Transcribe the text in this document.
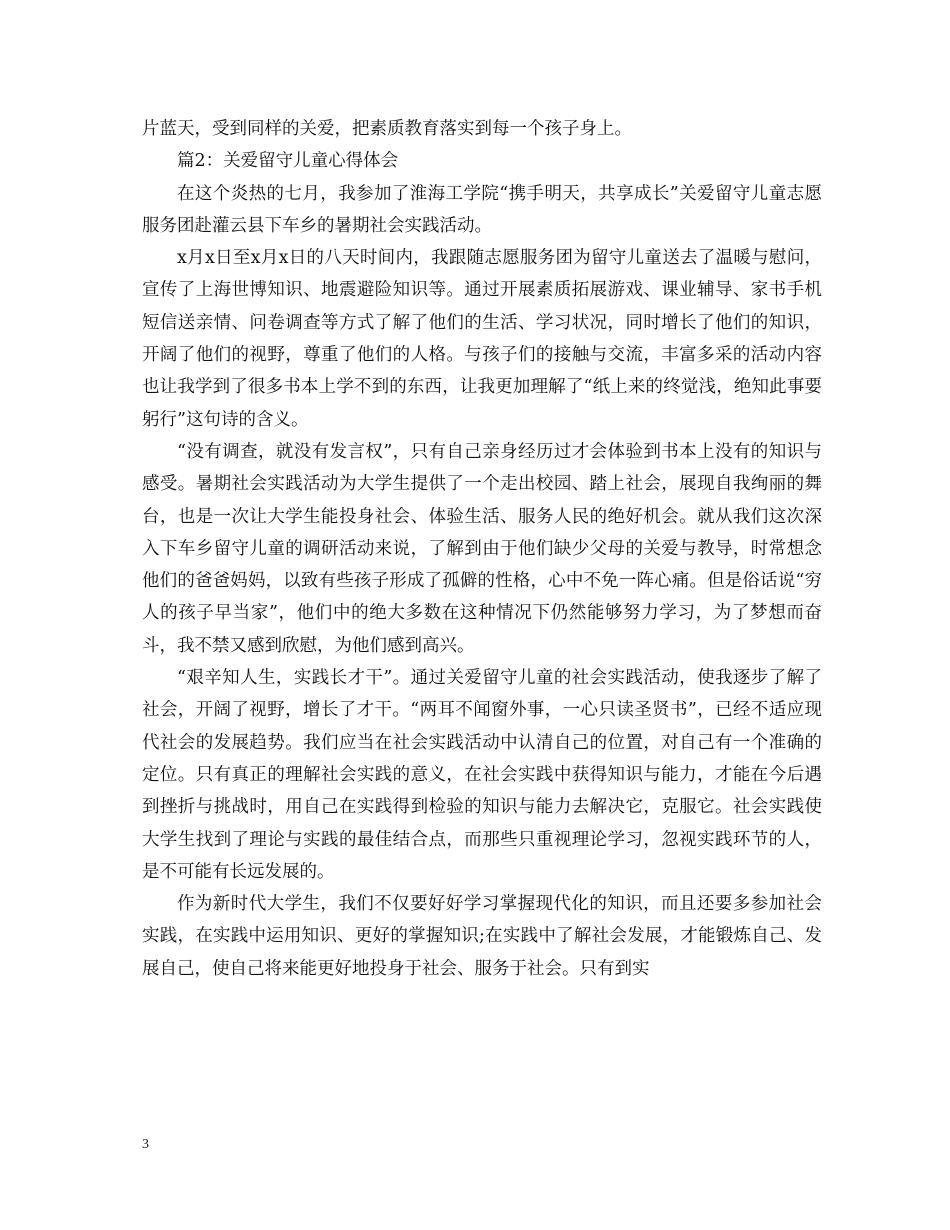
片蓝天，受到同样的关爱，把素质教育落实到每一个孩子身上。

篇2：关爱留守儿童心得体会

在这个炎热的七月，我参加了淮海工学院“携手明天，共享成长”关爱留守儿童志愿服务团赴灌云县下车乡的暑期社会实践活动。

x月x日至x月x日的八天时间内，我跟随志愿服务团为留守儿童送去了温暖与慰问，宣传了上海世博知识、地震避险知识等。通过开展素质拓展游戏、课业辅导、家书手机短信送亲情、问卷调查等方式了解了他们的生活、学习状况，同时增长了他们的知识，开阔了他们的视野，尊重了他们的人格。与孩子们的接触与交流，丰富多采的活动内容也让我学到了很多书本上学不到的东西，让我更加理解了“纸上来的终觉浅，绝知此事要躬行”这句诗的含义。

“没有调查，就没有发言权”，只有自己亲身经历过才会体验到书本上没有的知识与感受。暑期社会实践活动为大学生提供了一个走出校园、踏上社会，展现自我绚丽的舞台，也是一次让大学生能投身社会、体验生活、服务人民的绝好机会。就从我们这次深入下车乡留守儿童的调研活动来说，了解到由于他们缺少父母的关爱与教导，时常想念他们的爸爸妈妈，以致有些孩子形成了孤僻的性格，心中不免一阵心痛。但是俗话说“穷人的孩子早当家”，他们中的绝大多数在这种情况下仍然能够努力学习，为了梦想而奋斗，我不禁又感到欣慰，为他们感到高兴。

“艰辛知人生，实践长才干”。通过关爱留守儿童的社会实践活动，使我逐步了解了社会，开阔了视野，增长了才干。“两耳不闻窗外事，一心只读圣贤书”，已经不适应现代社会的发展趋势。我们应当在社会实践活动中认清自己的位置，对自己有一个准确的定位。只有真正的理解社会实践的意义，在社会实践中获得知识与能力，才能在今后遇到挫折与挑战时，用自己在实践得到检验的知识与能力去解决它，克服它。社会实践使大学生找到了理论与实践的最佳结合点，而那些只重视理论学习，忽视实践环节的人，是不可能有长远发展的。

作为新时代大学生，我们不仅要好好学习掌握现代化的知识，而且还要多参加社会实践，在实践中运用知识、更好的掌握知识;在实践中了解社会发展，才能锻炼自己、发展自己，使自己将来能更好地投身于社会、服务于社会。只有到实

3
